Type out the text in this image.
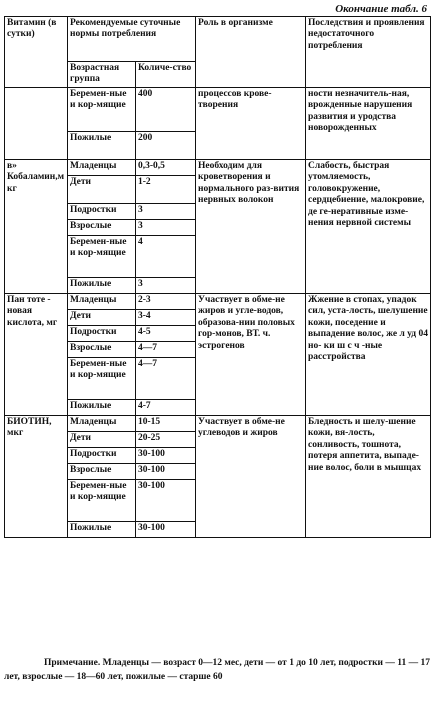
Окончание табл. 6
Витамин (в сутки)	Рекомендуемые суточные нормы потребления		Роль в организме	Последствия и проявления недостаточного потребления
	Возрастная группа	Количе-ство		
	Беремен-ные и кор-мящие	400	процессов крове-творения	ности незначитель-ная, врожденные нарушения развития и уродства новорожденных
	Пожилые	200		
в» Кобаламин,мкг	Младенцы	0,3-0,5	Необходим для кроветворения и нормального раз-вития нервных волокон	Слабость, быстрая утомляемость, головокружение, сердцебиение, малокровие, де ге-неративные изме-нения нервной системы
	Дети	1-2		
	Подростки	3		
	Взрослые	3		
	Беремен-ные и кор-мящие	4		
	Пожилые	3		
Пан тоте - новая кислота, мг	Младенцы	2-3	Участвует в обме-не жиров и угле-водов, образова-нии половых гор-монов, ВТ. ч. эстрогенов	Жжение в стопах, упадок сил, уста-лость, шелушение кожи, поседение и выпадение волос, же л уд 04 но- ки ш с ч -ные расстройства
	Дети	3-4		
	Подростки	4-5		
	Взрослые	4—7		
	Беремен-ные и кор-мящие	4—7		
	Пожилые	4-7		
БИОТИН, мкг	Младенцы	10-15	Участвует в обме-не углеводов и жиров	Бледность и шелу-шение кожи, вя-лость, сонливость, тошнота, потеря аппетита, выпаде-ние волос, боли в мышцах
	Дети	20-25		
	Подростки	30-100		
	Взрослые	30-100		
	Беремен-ные и кор-мящие	30-100		
	Пожилые	30-100		
Примечание. Младенцы — возраст 0—12 мес, дети — от 1 до 10 лет, подростки — 11 — 17 лет, взрослые — 18—60 лет, пожилые — старше 60
